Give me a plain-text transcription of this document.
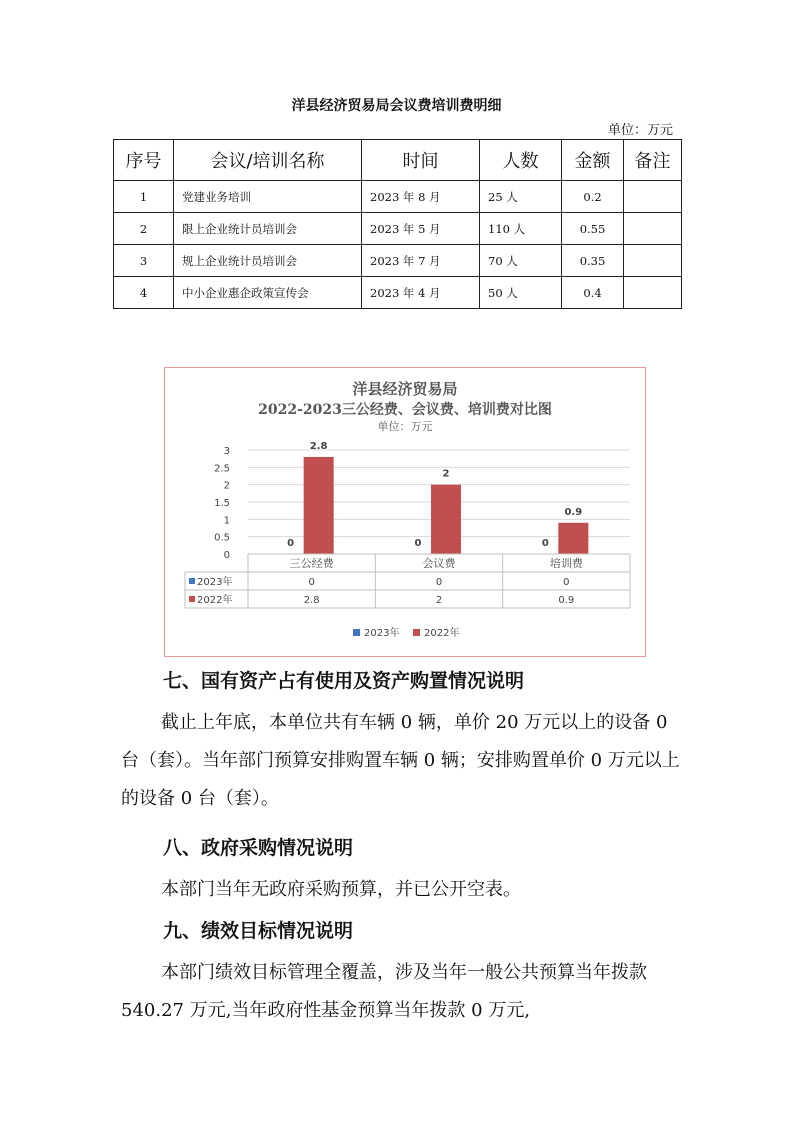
洋县经济贸易局会议费培训费明细
单位：万元
序号	会议/培训名称	时间	人数	金额	备注
1	党建业务培训	2023 年 8 月	25 人	0.2	
2	限上企业统计员培训会	2023 年 5 月	110 人	0.55	
3	规上企业统计员培训会	2023 年 7 月	70 人	0.35	
4	中小企业惠企政策宣传会	2023 年 4 月	50 人	0.4	
洋县经济贸易局
2022-2023三公经费、会议费、培训费对比图
单位：万元
0
0.5
1
1.5
2
2.5
3
0
2.8
0
2
0
0.9
三公经费	会议费	培训费
2023年	0	0	0
2022年	2.8	2	0.9
2023年 2022年
七、国有资产占有使用及资产购置情况说明
截止上年底，本单位共有车辆 0 辆，单价 20 万元以上的设备 0 台（套）。当年部门预算安排购置车辆 0 辆；安排购置单价 0 万元以上的设备 0 台（套）。
八、政府采购情况说明
本部门当年无政府采购预算，并已公开空表。
九、绩效目标情况说明
本部门绩效目标管理全覆盖，涉及当年一般公共预算当年拨款 540.27 万元,当年政府性基金预算当年拨款 0 万元,
